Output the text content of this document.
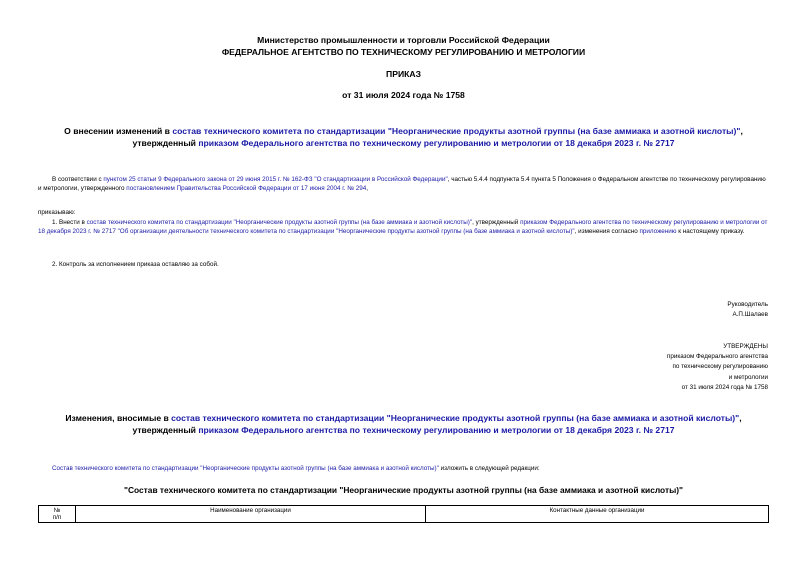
Министерство промышленности и торговли Российской Федерации
ФЕДЕРАЛЬНОЕ АГЕНТСТВО ПО ТЕХНИЧЕСКОМУ РЕГУЛИРОВАНИЮ И МЕТРОЛОГИИ
ПРИКАЗ
от 31 июля 2024 года № 1758
О внесении изменений в состав технического комитета по стандартизации "Неорганические продукты азотной группы (на базе аммиака и азотной кислоты)", утвержденный приказом Федерального агентства по техническому регулированию и метрологии от 18 декабря 2023 г. № 2717
В соответствии с пунктом 25 статьи 9 Федерального закона от 29 июня 2015 г. № 162-ФЗ "О стандартизации в Российской Федерации", частью 5.4.4 подпункта 5.4 пункта 5 Положения о Федеральном агентстве по техническому регулированию и метрологии, утвержденного постановлением Правительства Российской Федерации от 17 июня 2004 г. № 294,
приказываю:
1. Внести в состав технического комитета по стандартизации "Неорганические продукты азотной группы (на базе аммиака и азотной кислоты)", утвержденный приказом Федерального агентства по техническому регулированию и метрологии от 18 декабря 2023 г. № 2717 "Об организации деятельности технического комитета по стандартизации "Неорганические продукты азотной группы (на базе аммиака и азотной кислоты)", изменения согласно приложению к настоящему приказу.
2. Контроль за исполнением приказа оставляю за собой.
Руководитель
А.П.Шалаев
УТВЕРЖДЕНЫ
приказом Федерального агентства
по техническому регулированию
и метрологии
от 31 июля 2024 года № 1758
Изменения, вносимые в состав технического комитета по стандартизации "Неорганические продукты азотной группы (на базе аммиака и азотной кислоты)", утвержденный приказом Федерального агентства по техническому регулированию и метрологии от 18 декабря 2023 г. № 2717
Состав технического комитета по стандартизации "Неорганические продукты азотной группы (на базе аммиака и азотной кислоты)" изложить в следующей редакции:
"Состав технического комитета по стандартизации "Неорганические продукты азотной группы (на базе аммиака и азотной кислоты)"
№
п/п
	Наименование организации	Контактные данные организации
